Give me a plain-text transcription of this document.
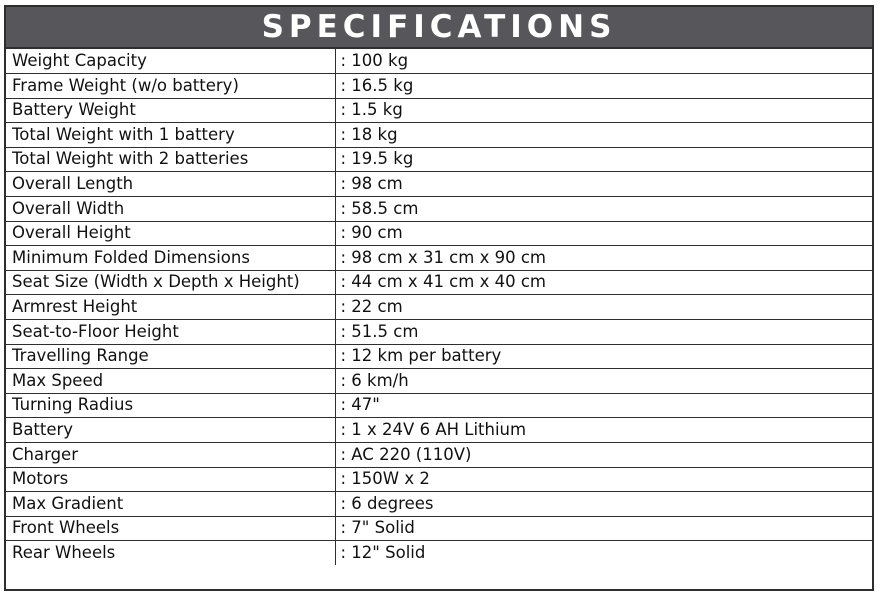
SPECIFICATIONS
Weight Capacity	: 100 kg
Frame Weight (w/o battery)	: 16.5 kg
Battery Weight	: 1.5 kg
Total Weight with 1 battery	: 18 kg
Total Weight with 2 batteries	: 19.5 kg
Overall Length	: 98 cm
Overall Width	: 58.5 cm
Overall Height	: 90 cm
Minimum Folded Dimensions	: 98 cm x 31 cm x 90 cm
Seat Size (Width x Depth x Height)	: 44 cm x 41 cm x 40 cm
Armrest Height	: 22 cm
Seat-to-Floor Height	: 51.5 cm
Travelling Range	: 12 km per battery
Max Speed	: 6 km/h
Turning Radius	: 47"
Battery	: 1 x 24V 6 AH Lithium
Charger	: AC 220 (110V)
Motors	: 150W x 2
Max Gradient	: 6 degrees
Front Wheels	: 7" Solid
Rear Wheels	: 12" Solid
